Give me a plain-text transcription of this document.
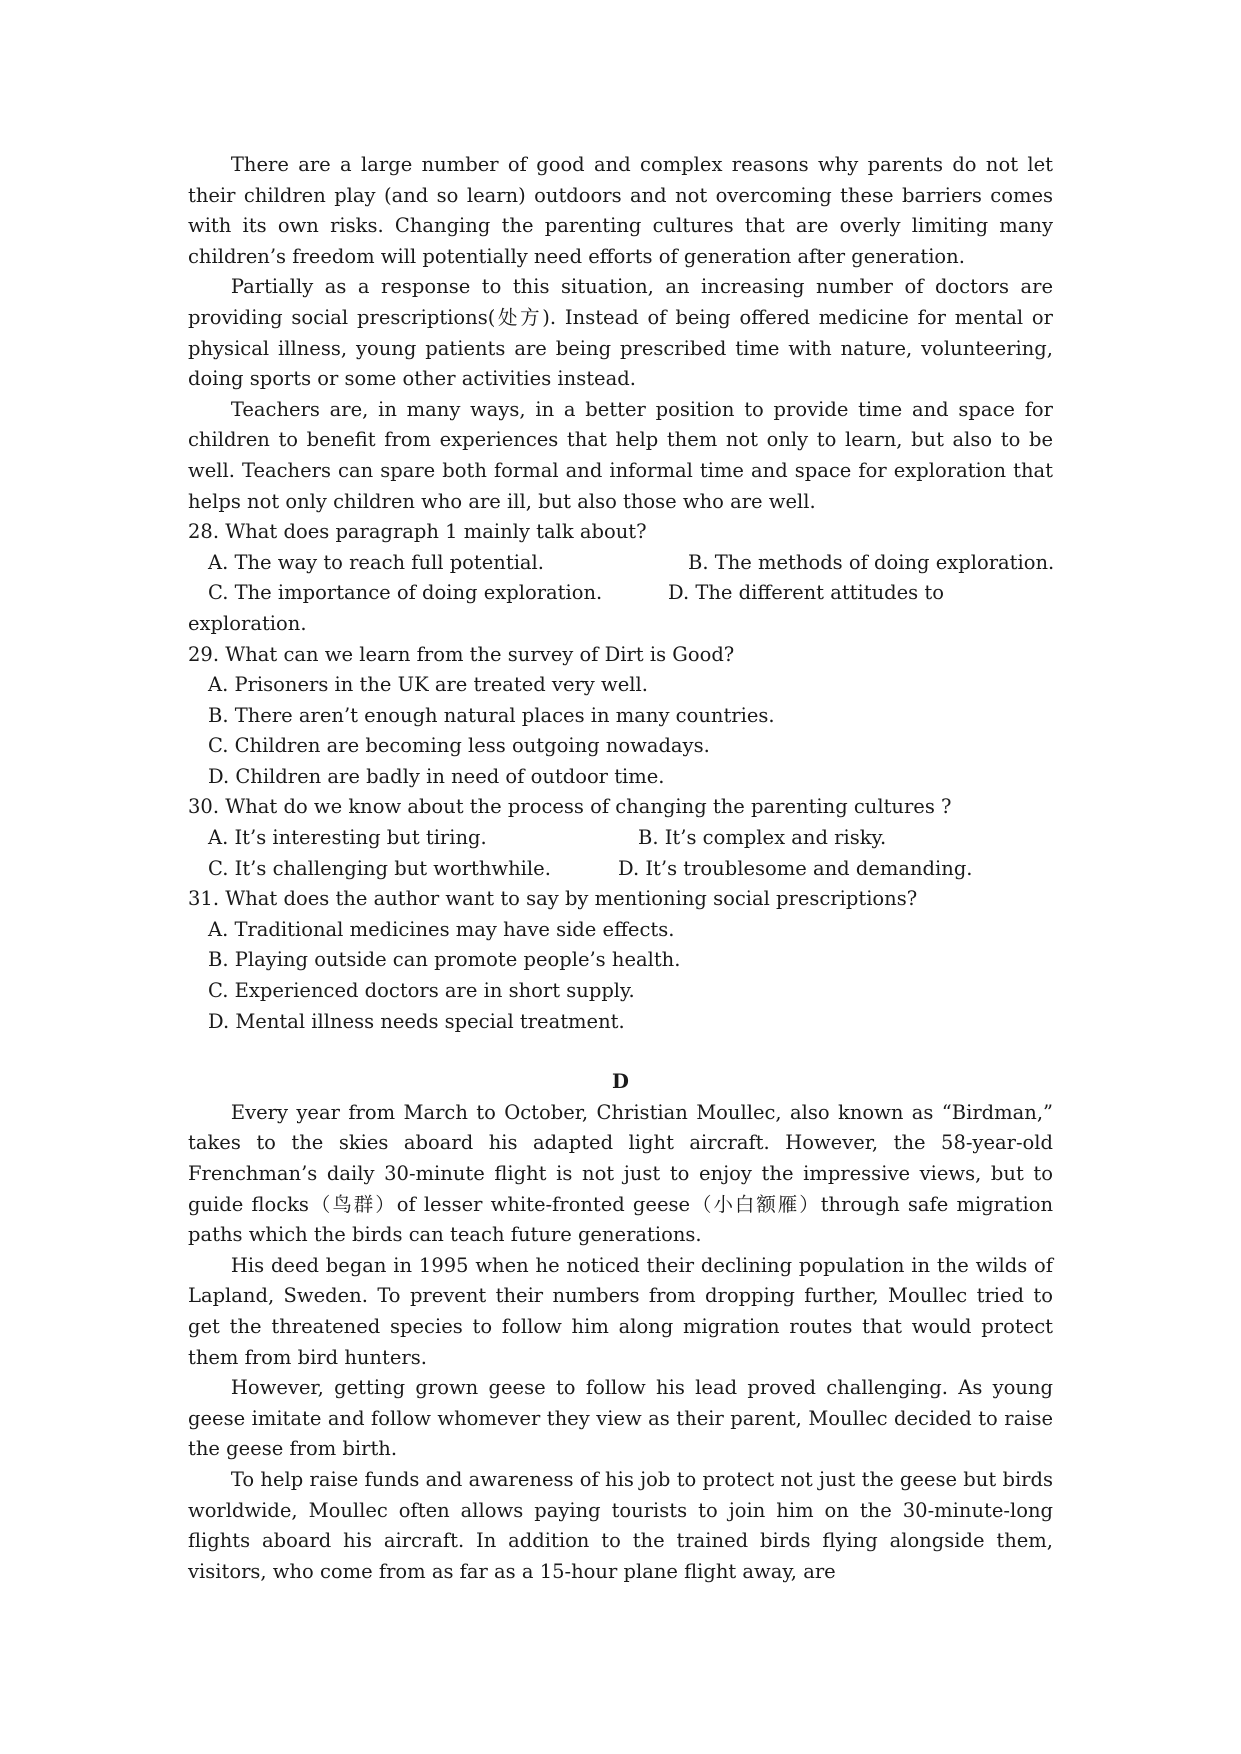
There are a large number of good and complex reasons why parents do not let their children play (and so learn) outdoors and not overcoming these barriers comes with its own risks. Changing the parenting cultures that are overly limiting many children’s freedom will potentially need efforts of generation after generation.

Partially as a response to this situation, an increasing number of doctors are providing social prescriptions(处方). Instead of being offered medicine for mental or physical illness, young patients are being prescribed time with nature, volunteering, doing sports or some other activities instead.

Teachers are, in many ways, in a better position to provide time and space for children to benefit from experiences that help them not only to learn, but also to be well. Teachers can spare both formal and informal time and space for exploration that helps not only children who are ill, but also those who are well.

28. What does paragraph 1 mainly talk about?

A. The way to reach full potential.	B. The methods of doing exploration.
C. The importance of doing exploration.	D. The different attitudes to

exploration.

29. What can we learn from the survey of Dirt is Good?

A. Prisoners in the UK are treated very well.

B. There aren’t enough natural places in many countries.

C. Children are becoming less outgoing nowadays.

D. Children are badly in need of outdoor time.

30. What do we know about the process of changing the parenting cultures ?

A. It’s interesting but tiring.	B. It’s complex and risky.
C. It’s challenging but worthwhile.	D. It’s troublesome and demanding.

31. What does the author want to say by mentioning social prescriptions?

A. Traditional medicines may have side effects.

B. Playing outside can promote people’s health.

C. Experienced doctors are in short supply.

D. Mental illness needs special treatment.

D

Every year from March to October, Christian Moullec, also known as “Birdman,” takes to the skies aboard his adapted light aircraft. However, the 58-year-old Frenchman’s daily 30-minute flight is not just to enjoy the impressive views, but to guide flocks（鸟群）of lesser white-fronted geese（小白额雁）through safe migration paths which the birds can teach future generations.

His deed began in 1995 when he noticed their declining population in the wilds of Lapland, Sweden. To prevent their numbers from dropping further, Moullec tried to get the threatened species to follow him along migration routes that would protect them from bird hunters.

However, getting grown geese to follow his lead proved challenging. As young geese imitate and follow whomever they view as their parent, Moullec decided to raise the geese from birth.

To help raise funds and awareness of his job to protect not just the geese but birds worldwide, Moullec often allows paying tourists to join him on the 30-minute-long flights aboard his aircraft. In addition to the trained birds flying alongside them, visitors, who come from as far as a 15-hour plane flight away, are
